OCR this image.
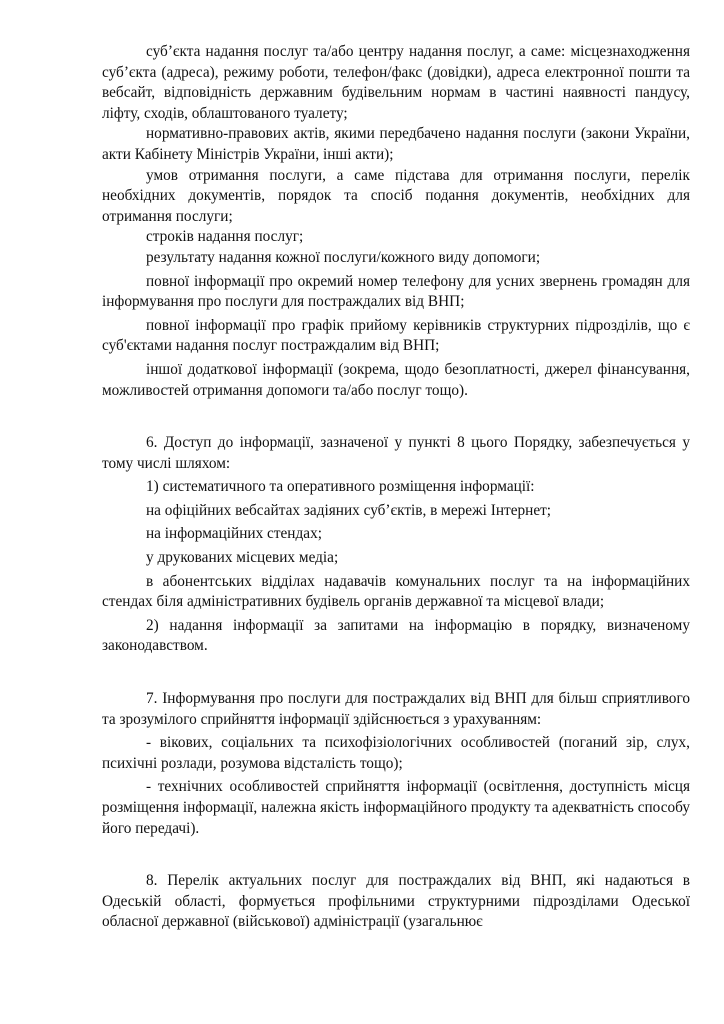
суб’єкта надання послуг та/або центру надання послуг, а саме: місцезнаходження суб’єкта (адреса), режиму роботи, телефон/факс (довідки), адреса електронної пошти та вебсайт, відповідність державним будівельним нормам в частині наявності пандусу, ліфту, сходів, облаштованого туалету;

нормативно-правових актів, якими передбачено надання послуги (закони України, акти Кабінету Міністрів України, інші акти);

умов отримання послуги, а саме підстава для отримання послуги, перелік необхідних документів, порядок та спосіб подання документів, необхідних для отримання послуги;

строків надання послуг;

результату надання кожної послуги/кожного виду допомоги;

повної інформації про окремий номер телефону для усних звернень громадян для інформування про послуги для постраждалих від ВНП;

повної інформації про графік прийому керівників структурних підрозділів, що є суб'єктами надання послуг постраждалим від ВНП;

іншої додаткової інформації (зокрема, щодо безоплатності, джерел фінансування, можливостей отримання допомоги та/або послуг тощо).

6. Доступ до інформації, зазначеної у пункті 8 цього Порядку, забезпечується у тому числі шляхом:

1) систематичного та оперативного розміщення інформації:

на офіційних вебсайтах задіяних суб’єктів, в мережі Інтернет;

на інформаційних стендах;

у друкованих місцевих медіа;

в абонентських відділах надавачів комунальних послуг та на інформаційних стендах біля адміністративних будівель органів державної та місцевої влади;

2) надання інформації за запитами на інформацію в порядку, визначеному законодавством.

7. Інформування про послуги для постраждалих від ВНП для більш сприятливого та зрозумілого сприйняття інформації здійснюється з урахуванням:

- вікових, соціальних та психофізіологічних особливостей (поганий зір, слух, психічні розлади, розумова відсталість тощо);

- технічних особливостей сприйняття інформації (освітлення, доступність місця розміщення інформації, належна якість інформаційного продукту та адекватність способу його передачі).

8. Перелік актуальних послуг для постраждалих від ВНП, які надаються в Одеській області, формується профільними структурними підрозділами Одеської обласної державної (військової) адміністрації (узагальнює
